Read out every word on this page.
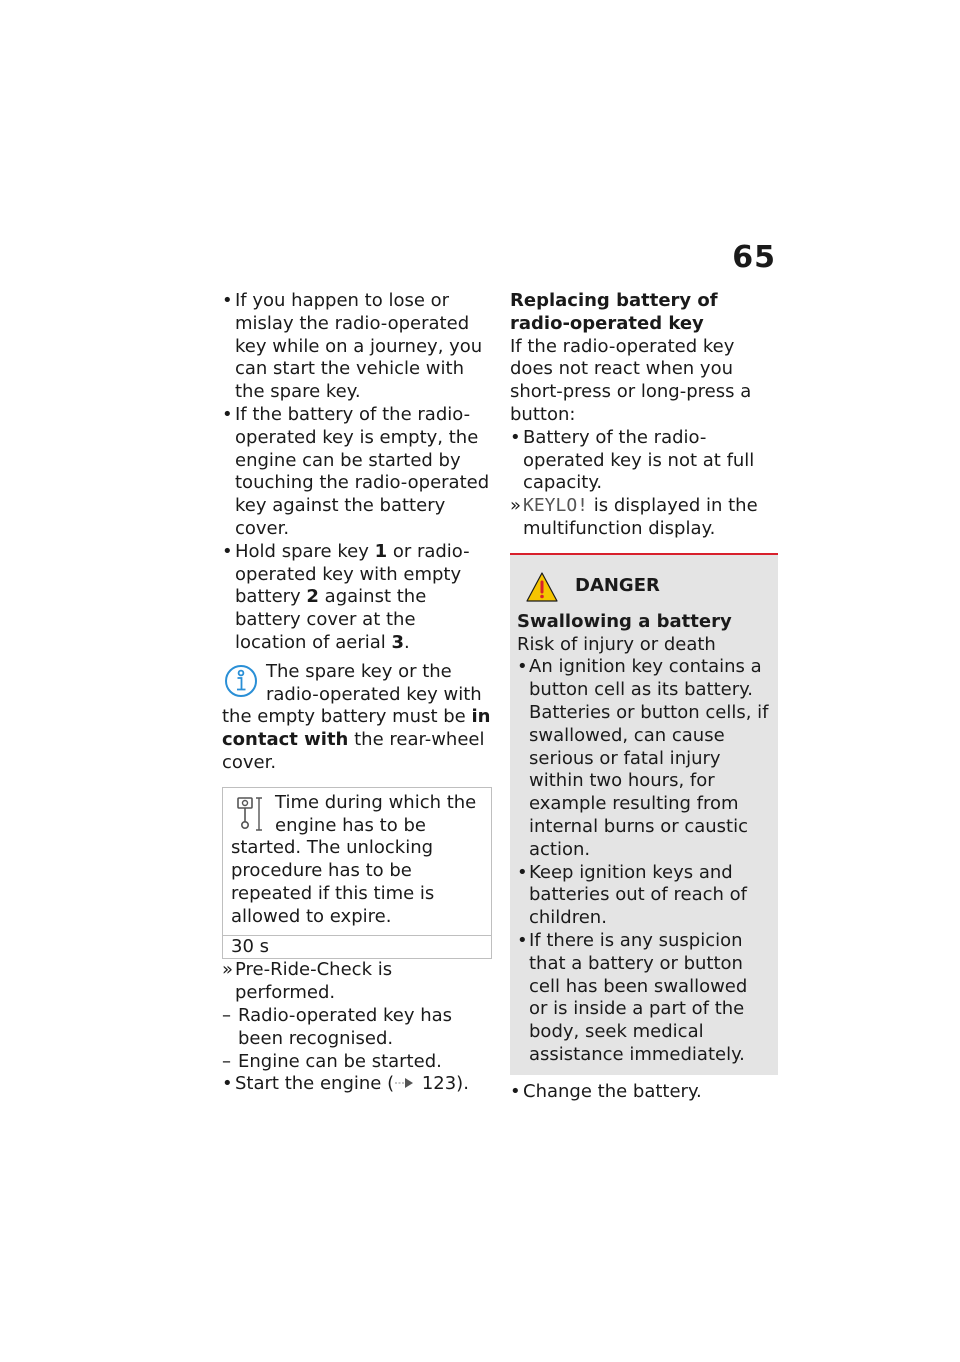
65
• If you happen to lose or mislay the radio-operated key while on a journey, you can start the vehicle with the spare key.
• If the battery of the radio-operated key is empty, the engine can be started by touching the radio-operated key against the battery cover.
• Hold spare key 1 or radio-operated key with empty battery 2 against the battery cover at the location of aerial 3.

The spare key or the radio-operated key with the empty battery must be in contact with the rear-wheel cover.

Time during which the engine has to be started. The unlocking procedure has to be repeated if this time is allowed to expire.
30 s
» Pre-Ride-Check is performed.
– Radio-operated key has been recognised.
– Engine can be started.
• Start the engine ( 123).
Replacing battery of radio-operated key
If the radio-operated key does not react when you short-press or long-press a button:
• Battery of the radio-operated key is not at full capacity.
» KEYLO! is displayed in the multifunction display.
DANGER
Swallowing a battery
Risk of injury or death
• An ignition key contains a button cell as its battery. Batteries or button cells, if swallowed, can cause serious or fatal injury within two hours, for example resulting from internal burns or caustic action.
• Keep ignition keys and batteries out of reach of children.
• If there is any suspicion that a battery or button cell has been swallowed or is inside a part of the body, seek medical assistance immediately.
• Change the battery.
